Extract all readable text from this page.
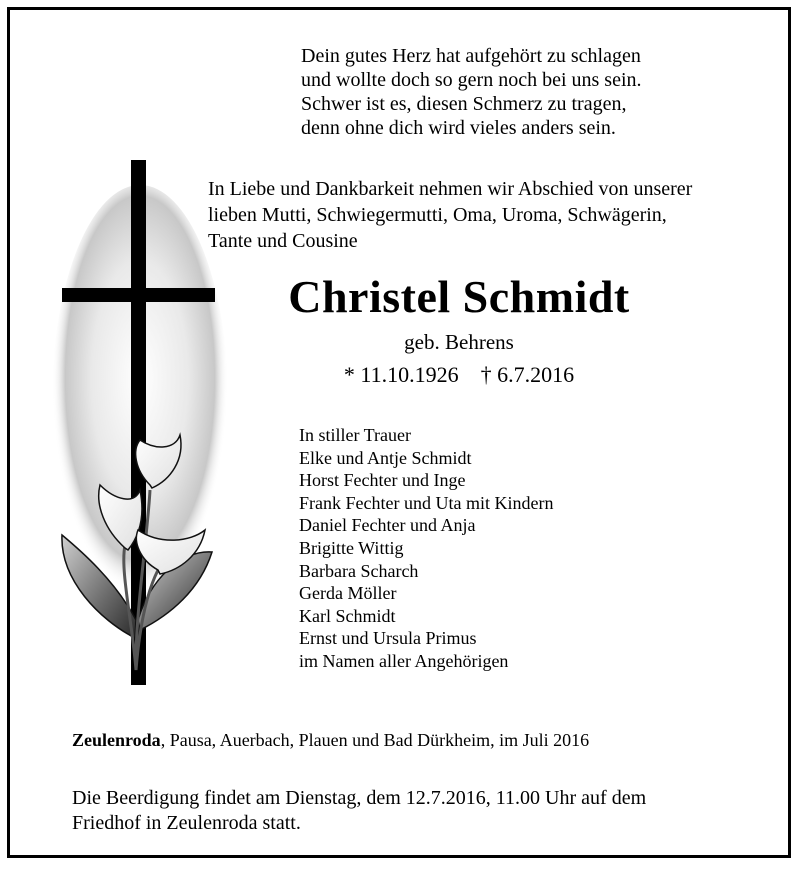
Dein gutes Herz hat aufgehört zu schlagen
und wollte doch so gern noch bei uns sein.
Schwer ist es, diesen Schmerz zu tragen,
denn ohne dich wird vieles anders sein.
In Liebe und Dankbarkeit nehmen wir Abschied von unserer
lieben Mutti, Schwiegermutti, Oma, Uroma, Schwägerin,
Tante und Cousine
Christel Schmidt
geb. Behrens
* 11.10.1926 † 6.7.2016
In stiller Trauer
Elke und Antje Schmidt
Horst Fechter und Inge
Frank Fechter und Uta mit Kindern
Daniel Fechter und Anja
Brigitte Wittig
Barbara Scharch
Gerda Möller
Karl Schmidt
Ernst und Ursula Primus
im Namen aller Angehörigen
Zeulenroda, Pausa, Auerbach, Plauen und Bad Dürkheim, im Juli 2016
Die Beerdigung findet am Dienstag, dem 12.7.2016, 11.00 Uhr auf dem
Friedhof in Zeulenroda statt.
